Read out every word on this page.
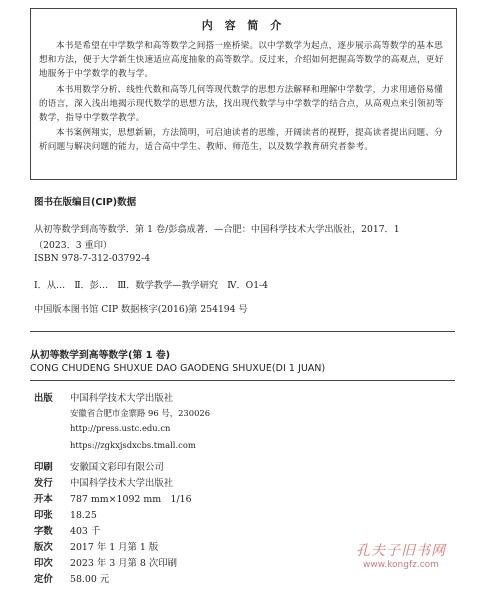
内 容 简 介

本书是希望在中学数学和高等数学之间搭一座桥梁。以中学数学为起点，逐步展示高等数学的基本思想和方法，便于大学新生快速适应高度抽象的高等数学。反过来，介绍如何把握高等数学的高观点，更好地服务于中学数学的教与学。

本书用数学分析、线性代数和高等几何等现代数学的思想方法解释和理解中学数学，力求用通俗易懂的语言，深入浅出地揭示现代数学的思想方法，找出现代数学与中学数学的结合点，从高观点来引领初等数学，指导中学数学教学。

本书案例翔实，思想新颖，方法简明，可启迪读者的思维，开阔读者的视野，提高读者提出问题、分析问题与解决问题的能力，适合高中学生、教师、师范生，以及数学教育研究者参考。

图书在版编目(CIP)数据
从初等数学到高等数学．第 1 卷/彭翕成著．—合肥：中国科学技术大学出版社，2017．1
（2023．3 重印）
ISBN 978-7-312-03792-4
Ⅰ．从…　Ⅱ．彭…　Ⅲ．数学教学—教学研究　Ⅳ．O1-4
中国版本图书馆 CIP 数据核字(2016)第 254194 号
从初等数学到高等数学(第 1 卷)
CONG CHUDENG SHUXUE DAO GAODENG SHUXUE(DI 1 JUAN)
出版 中国科学技术大学出版社
安徽省合肥市金寨路 96 号，230026
http://press.ustc.edu.cn
https://zgkxjsdxcbs.tmall.com
印刷 安徽国文彩印有限公司
发行 中国科学技术大学出版社
开本 787 mm×1092 mm　1/16
印张 18.25
字数 403 千
版次 2017 年 1 月第 1 版
印次 2023 年 3 月第 8 次印刷
定价 58.00 元
孔夫子旧书网
www.kongfz.com
